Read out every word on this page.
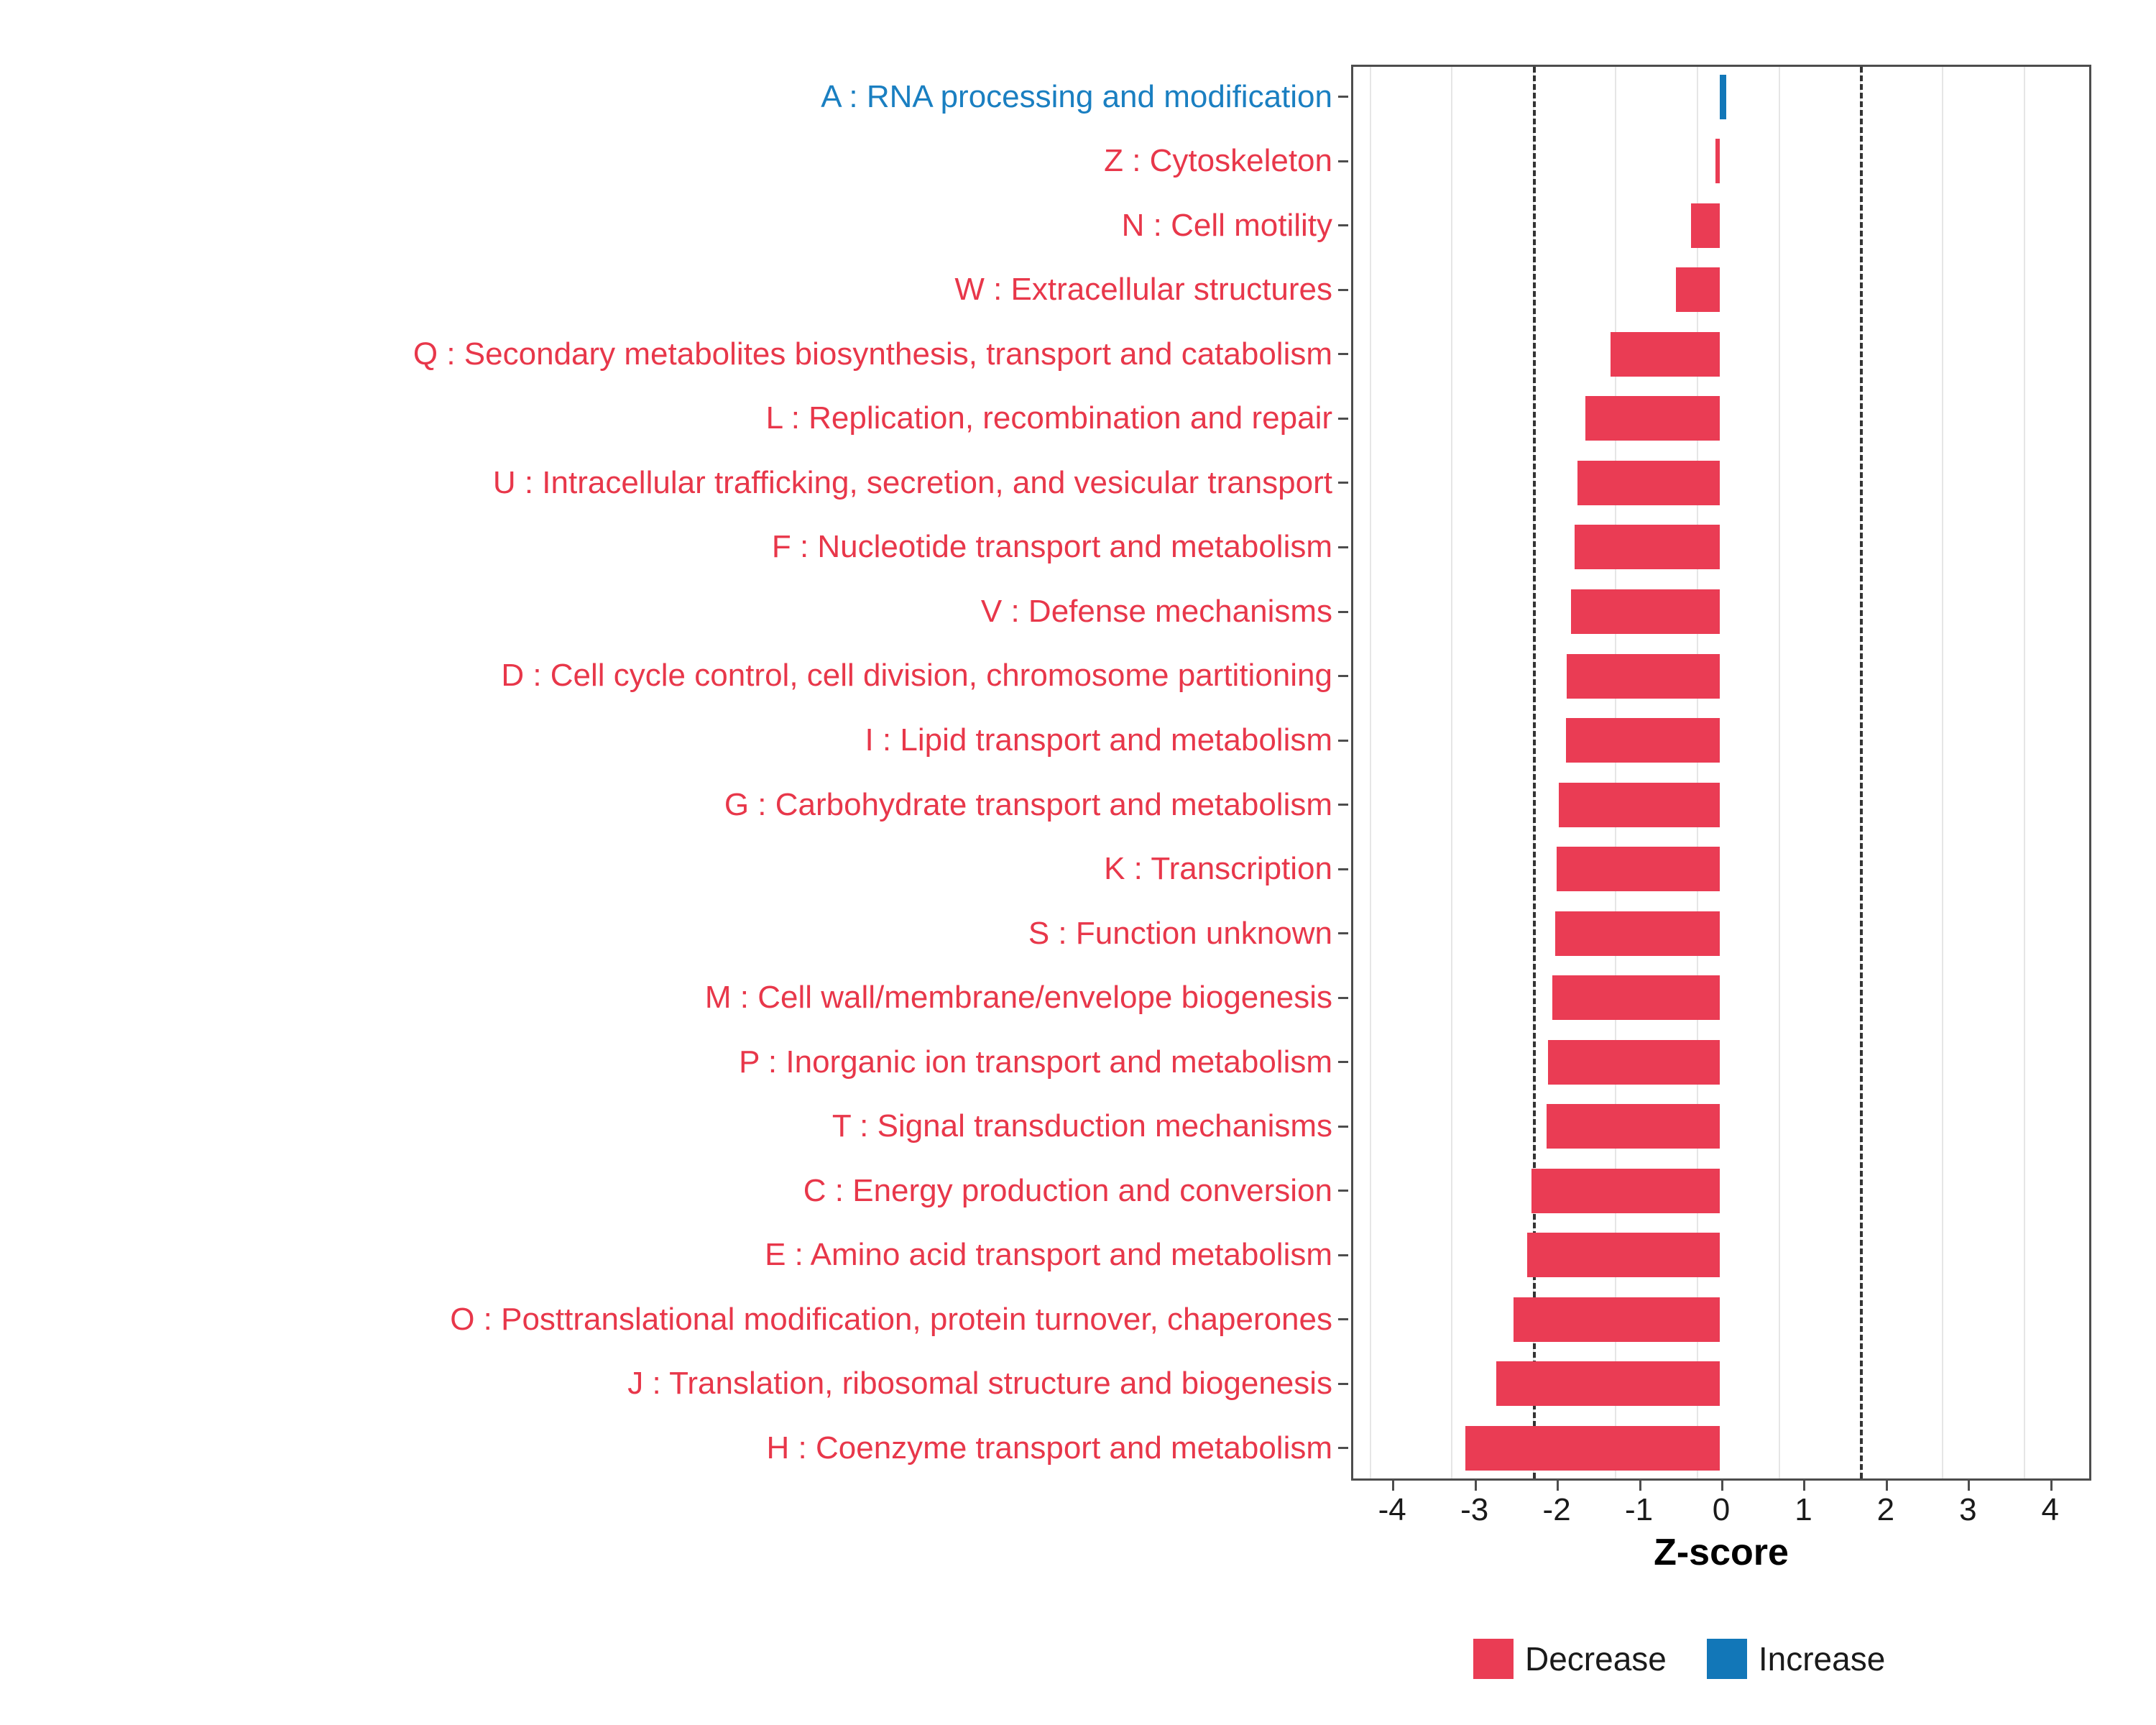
A : RNA processing and modification
Z : Cytoskeleton
N : Cell motility
W : Extracellular structures
Q : Secondary metabolites biosynthesis, transport and catabolism
L : Replication, recombination and repair
U : Intracellular trafficking, secretion, and vesicular transport
F : Nucleotide transport and metabolism
V : Defense mechanisms
D : Cell cycle control, cell division, chromosome partitioning
I : Lipid transport and metabolism
G : Carbohydrate transport and metabolism
K : Transcription
S : Function unknown
M : Cell wall/membrane/envelope biogenesis
P : Inorganic ion transport and metabolism
T : Signal transduction mechanisms
C : Energy production and conversion
E : Amino acid transport and metabolism
O : Posttranslational modification, protein turnover, chaperones
J : Translation, ribosomal structure and biogenesis
H : Coenzyme transport and metabolism
-4 -3 -2 -1 0 1 2 3 4
Z-score
Decrease	Increase
